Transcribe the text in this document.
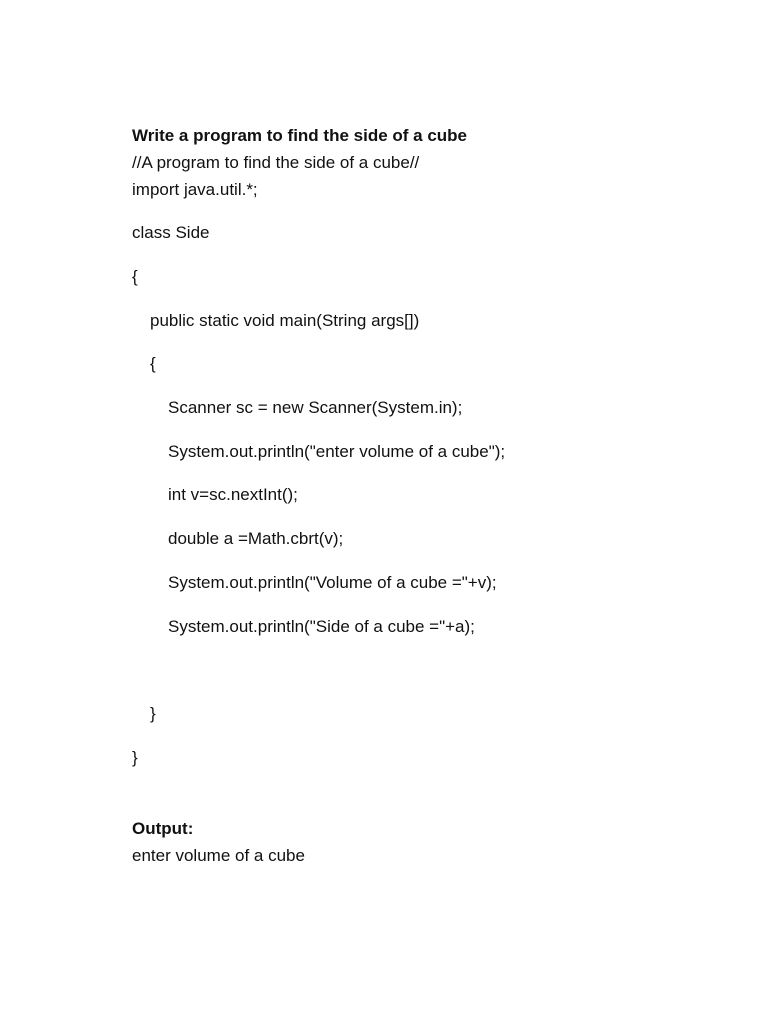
Write a program to find the side of a cube
//A program to find the side of a cube//
import java.util.*;
class Side
{
public static void main(String args[])
{
Scanner sc = new Scanner(System.in);
System.out.println("enter volume of a cube");
int v=sc.nextInt();
double a =Math.cbrt(v);
System.out.println("Volume of a cube ="+v);
System.out.println("Side of a cube ="+a);
}
}
Output:
enter volume of a cube
